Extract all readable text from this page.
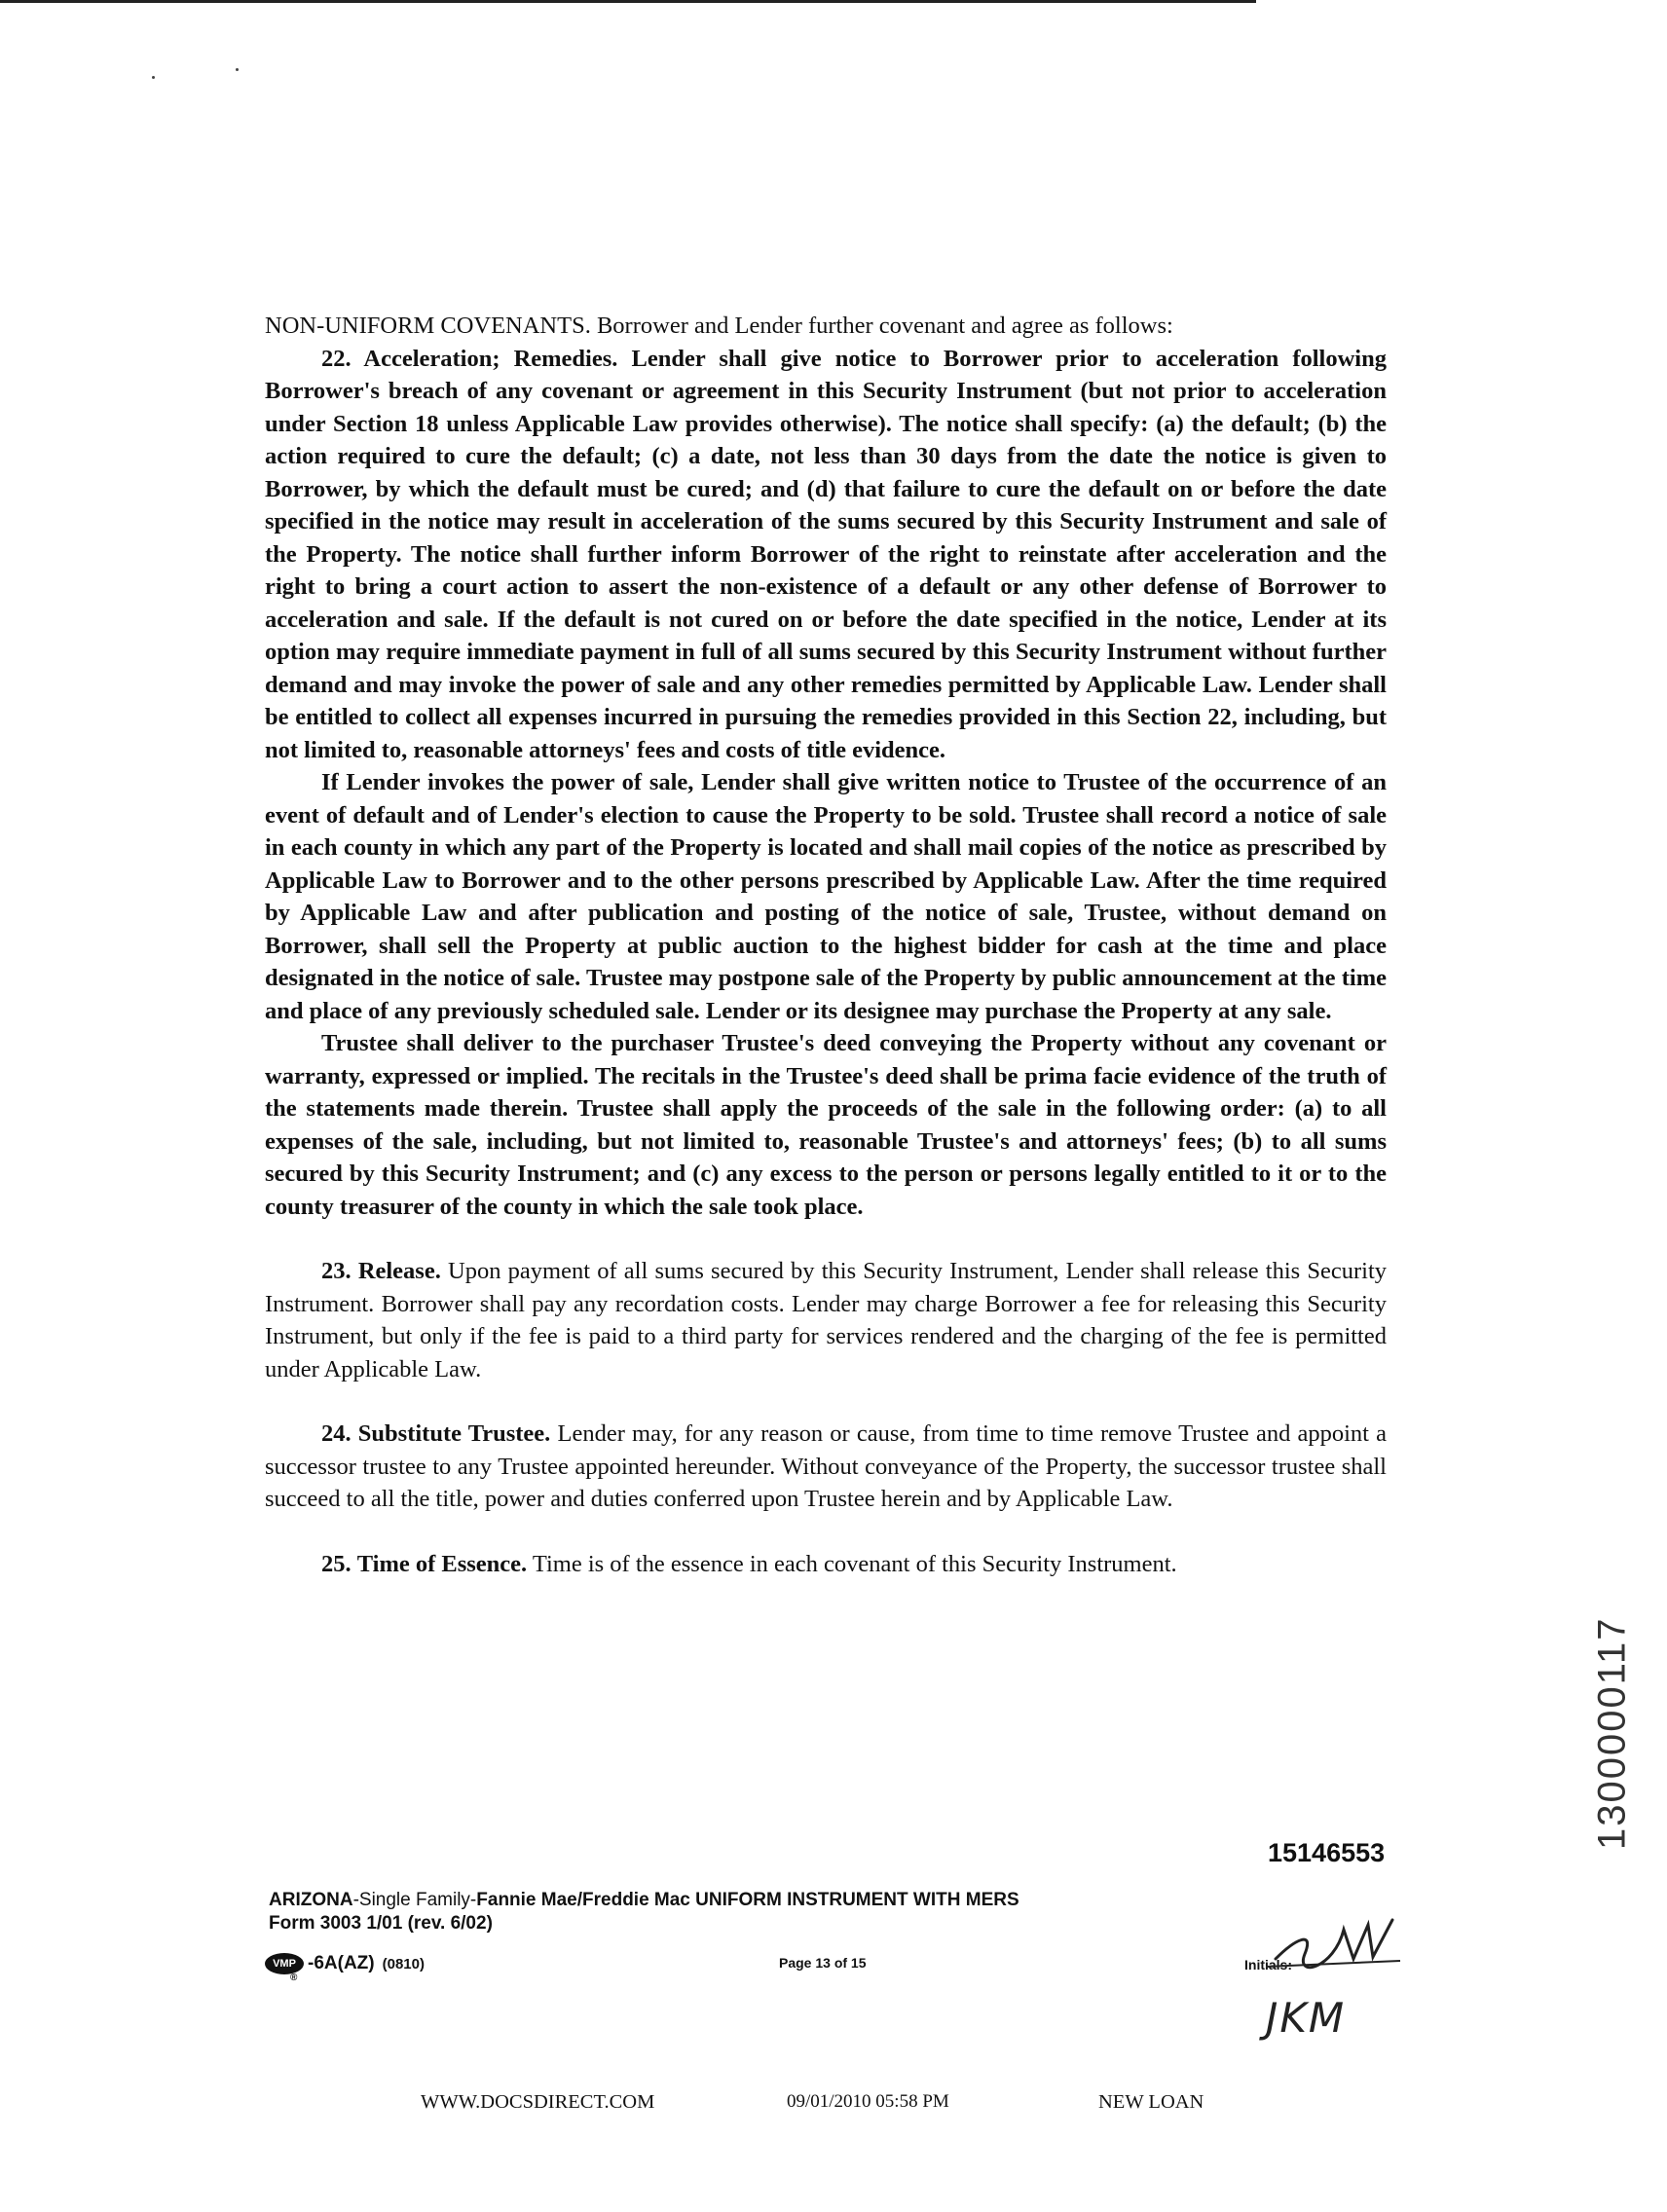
NON-UNIFORM COVENANTS. Borrower and Lender further covenant and agree as follows:

22. Acceleration; Remedies. Lender shall give notice to Borrower prior to acceleration following Borrower's breach of any covenant or agreement in this Security Instrument (but not prior to acceleration under Section 18 unless Applicable Law provides otherwise). The notice shall specify: (a) the default; (b) the action required to cure the default; (c) a date, not less than 30 days from the date the notice is given to Borrower, by which the default must be cured; and (d) that failure to cure the default on or before the date specified in the notice may result in acceleration of the sums secured by this Security Instrument and sale of the Property. The notice shall further inform Borrower of the right to reinstate after acceleration and the right to bring a court action to assert the non-existence of a default or any other defense of Borrower to acceleration and sale. If the default is not cured on or before the date specified in the notice, Lender at its option may require immediate payment in full of all sums secured by this Security Instrument without further demand and may invoke the power of sale and any other remedies permitted by Applicable Law. Lender shall be entitled to collect all expenses incurred in pursuing the remedies provided in this Section 22, including, but not limited to, reasonable attorneys' fees and costs of title evidence.

If Lender invokes the power of sale, Lender shall give written notice to Trustee of the occurrence of an event of default and of Lender's election to cause the Property to be sold. Trustee shall record a notice of sale in each county in which any part of the Property is located and shall mail copies of the notice as prescribed by Applicable Law to Borrower and to the other persons prescribed by Applicable Law. After the time required by Applicable Law and after publication and posting of the notice of sale, Trustee, without demand on Borrower, shall sell the Property at public auction to the highest bidder for cash at the time and place designated in the notice of sale. Trustee may postpone sale of the Property by public announcement at the time and place of any previously scheduled sale. Lender or its designee may purchase the Property at any sale.

Trustee shall deliver to the purchaser Trustee's deed conveying the Property without any covenant or warranty, expressed or implied. The recitals in the Trustee's deed shall be prima facie evidence of the truth of the statements made therein. Trustee shall apply the proceeds of the sale in the following order: (a) to all expenses of the sale, including, but not limited to, reasonable Trustee's and attorneys' fees; (b) to all sums secured by this Security Instrument; and (c) any excess to the person or persons legally entitled to it or to the county treasurer of the county in which the sale took place.

23. Release. Upon payment of all sums secured by this Security Instrument, Lender shall release this Security Instrument. Borrower shall pay any recordation costs. Lender may charge Borrower a fee for releasing this Security Instrument, but only if the fee is paid to a third party for services rendered and the charging of the fee is permitted under Applicable Law.

24. Substitute Trustee. Lender may, for any reason or cause, from time to time remove Trustee and appoint a successor trustee to any Trustee appointed hereunder. Without conveyance of the Property, the successor trustee shall succeed to all the title, power and duties conferred upon Trustee herein and by Applicable Law.

25. Time of Essence. Time is of the essence in each covenant of this Security Instrument.

1300000117
15146553
ARIZONA-Single Family-Fannie Mae/Freddie Mac UNIFORM INSTRUMENT WITH MERS
Form 3003 1/01 (rev. 6/02)
VMP
®
-6A(AZ) (0810)	Page 13 of 15	Initials:
JKM
WWW.DOCSDIRECT.COM	09/01/2010 05:58 PM	NEW LOAN
